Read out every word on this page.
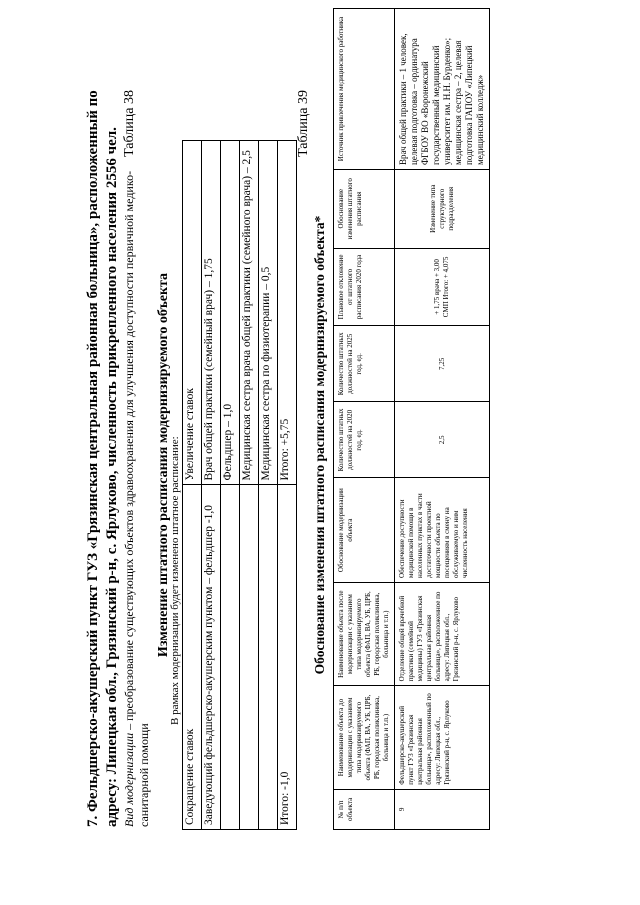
7. Фельдшерско-акушерский пункт ГУЗ «Грязинская центральная районная больница», расположенный по адресу: Липецкая обл., Грязинский р-н, с. Ярлуково, численность прикрепленного населения 2556 чел. Вид модернизации – преобразование существующих объектов здравоохранения для улучшения доступности первичной медико-
санитарной помощи
Таблица 38
Изменение штатного расписания модернизируемого объекта
В рамках модернизации будет изменено штатное расписание:
Сокращение ставок	Увеличение ставок
Заведующий фельдшерско-акушерским пунктом – фельдшер -1,0	Врач общей практики (семейный врач) – 1,75
	Фельдшер – 1,0
	Медицинская сестра врача общей практики (семейного врача) – 2,5
	Медицинская сестра по физиотерапии – 0,5
Итого: -1,0	Итого: +5,75
Таблица 39
Обоснование изменения штатного расписания модернизируемого объекта*
№ п/п объекта	Наименование объекта до модернизации с указанием типа модернизируемого объекта (ФАП, ВА, УБ, ЦРБ, РБ, городская поликлиника, больница и т.п.)	Наименование объекта после модернизации с указанием типа модернизируемого объекта (ФАП, ВА, УБ, ЦРБ, РБ, городская поликлиника, больница и т.п.)	Обоснование модернизации объекта	Количество штатных должностей на 2020 год, ед.	Количество штатных должностей на 2025 год, ед.	Плановое отклонение от штатного расписания 2020 года	Обоснование изменения штатного расписания	Источник привлечения медицинского работника
9	Фельдшерско-акушерский пункт ГУЗ «Грязинская центральная районная больница», расположенный по адресу: Липецкая обл., Грязинский р-н, с. Ярлуково	Отделение общей врачебной практики (семейной медицины) ГУЗ «Грязинская центральная районная больница», расположенное по адресу: Липецкая обл., Грязинский р-н, с. Ярлуково	Обеспечение доступности медицинской помощи в населенных пунктах в части достаточности проектной мощности объекта по посещениям в смену на обслуживаемую и ним численность населения	2,5	7,25	+ 1,75 врача + 3,00 СМП Итого: + 4,075	Изменение типа структурного подразделения	Врач общей практики – 1 человек, целевая подготовка – ординатура ФГБОУ ВО «Воронежский государственный медицинский университет им. Н.Н. Бурденко»; медицинская сестра – 2, целевая подготовка ГАПОУ «Липецкий медицинский колледж»
